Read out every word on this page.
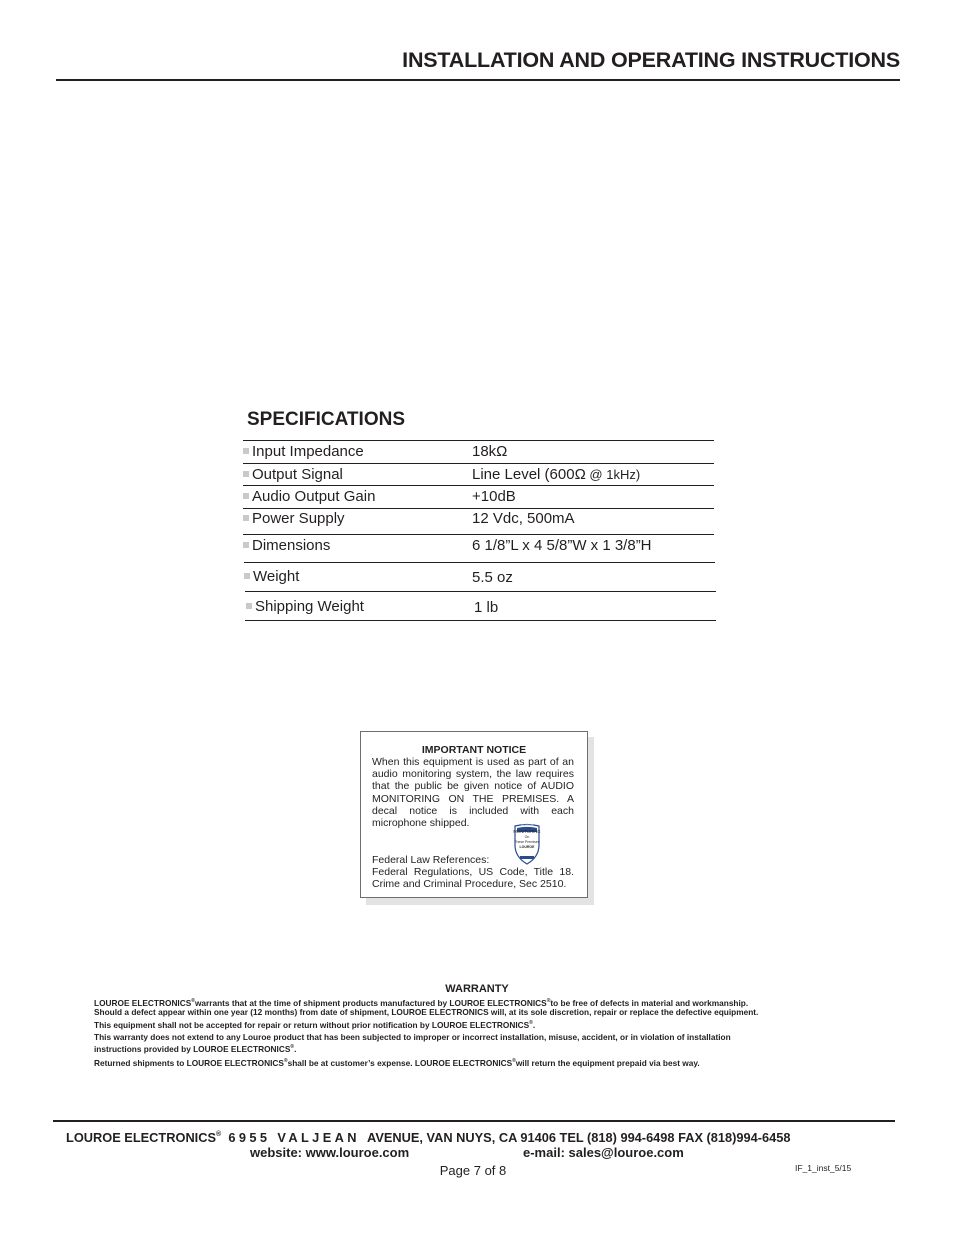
INSTALLATION AND OPERATING INSTRUCTIONS
SPECIFICATIONS
Input Impedance	18kΩ
Output Signal	Line Level (600Ω @ 1kHz)
Audio Output Gain	+10dB
Power Supply	12 Vdc, 500mA
Dimensions	6 1/8”L x 4 5/8”W x 1 3/8”H
Weight	5.5 oz
Shipping Weight	1 lb
IMPORTANT NOTICE
When this equipment is used as part of an
audio monitoring system, the law requires
that the public be given notice of AUDIO
MONITORING ON THE PREMISES. A
decal notice is included with each
microphone shipped.	AUDIO
MONITORING
On
These Premises
LOUROE
Federal Law References:
Federal Regulations, US Code, Title 18.
Crime and Criminal Procedure, Sec 2510.
WARRANTY
LOUROE ELECTRONICS®warrants that at the time of shipment products manufactured by LOUROE ELECTRONICS®to be free of defects in material and workmanship.
Should a defect appear within one year (12 months) from date of shipment, LOUROE ELECTRONICS will, at its sole discretion, repair or replace the defective equipment.
This equipment shall not be accepted for repair or return without prior notification by LOUROE ELECTRONICS®.
This warranty does not extend to any Louroe product that has been subjected to improper or incorrect installation, misuse, accident, or in violation of installation
instructions provided by LOUROE ELECTRONICS®.
Returned shipments to LOUROE ELECTRONICS®shall be at customer’s expense. LOUROE ELECTRONICS®will return the equipment prepaid via best way.
LOUROE ELECTRONICS® 6955 VALJEAN AVENUE, VAN NUYS, CA 91406 TEL (818) 994-6498 FAX (818)994-6458
website: www.louroe.com	e-mail: sales@louroe.com
Page 7 of 8	IF_1_inst_5/15
